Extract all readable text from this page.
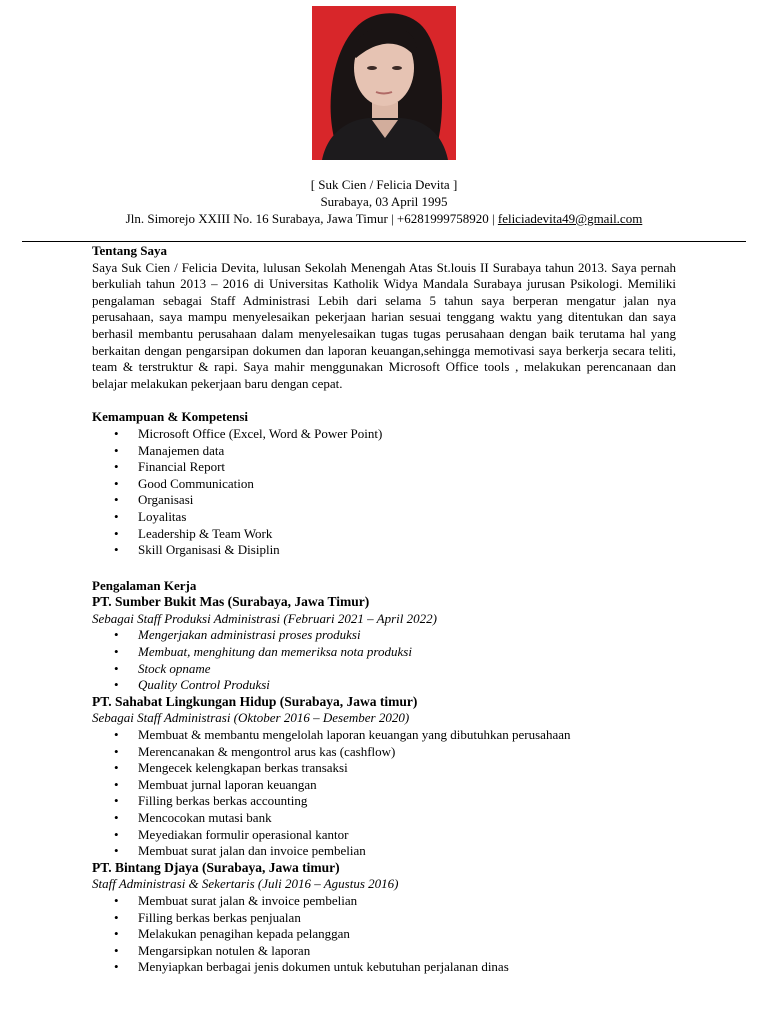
[ Suk Cien / Felicia Devita ]
Surabaya, 03 April 1995
Jln. Simorejo XXIII No. 16 Surabaya, Jawa Timur | +6281999758920 | feliciadevita49@gmail.com
Tentang Saya

Saya Suk Cien / Felicia Devita, lulusan Sekolah Menengah Atas St.louis II Surabaya tahun 2013. Saya pernah berkuliah tahun 2013 – 2016 di Universitas Katholik Widya Mandala Surabaya jurusan Psikologi. Memiliki pengalaman sebagai Staff Administrasi Lebih dari selama 5 tahun saya berperan mengatur jalan nya perusahaan, saya mampu menyelesaikan pekerjaan harian sesuai tenggang waktu yang ditentukan dan saya berhasil membantu perusahaan dalam menyelesaikan tugas tugas perusahaan dengan baik terutama hal yang berkaitan dengan pengarsipan dokumen dan laporan keuangan,sehingga memotivasi saya berkerja secara teliti, team & terstruktur & rapi. Saya mahir menggunakan Microsoft Office tools , melakukan perencanaan dan belajar melakukan pekerjaan baru dengan cepat.

Kemampuan & Kompetensi
• Microsoft Office (Excel, Word & Power Point)
• Manajemen data
• Financial Report
• Good Communication
• Organisasi
• Loyalitas
• Leadership & Team Work
• Skill Organisasi & Disiplin
Pengalaman Kerja
PT. Sumber Bukit Mas (Surabaya, Jawa Timur)
Sebagai Staff Produksi Administrasi (Februari 2021 – April 2022)
• Mengerjakan administrasi proses produksi
• Membuat, menghitung dan memeriksa nota produksi
• Stock opname
• Quality Control Produksi
PT. Sahabat Lingkungan Hidup (Surabaya, Jawa timur)
Sebagai Staff Administrasi (Oktober 2016 – Desember 2020)
• Membuat & membantu mengelolah laporan keuangan yang dibutuhkan perusahaan
• Merencanakan & mengontrol arus kas (cashflow)
• Mengecek kelengkapan berkas transaksi
• Membuat jurnal laporan keuangan
• Filling berkas berkas accounting
• Mencocokan mutasi bank
• Meyediakan formulir operasional kantor
• Membuat surat jalan dan invoice pembelian
PT. Bintang Djaya (Surabaya, Jawa timur)
Staff Administrasi & Sekertaris (Juli 2016 – Agustus 2016)
• Membuat surat jalan & invoice pembelian
• Filling berkas berkas penjualan
• Melakukan penagihan kepada pelanggan
• Mengarsipkan notulen & laporan
• Menyiapkan berbagai jenis dokumen untuk kebutuhan perjalanan dinas
